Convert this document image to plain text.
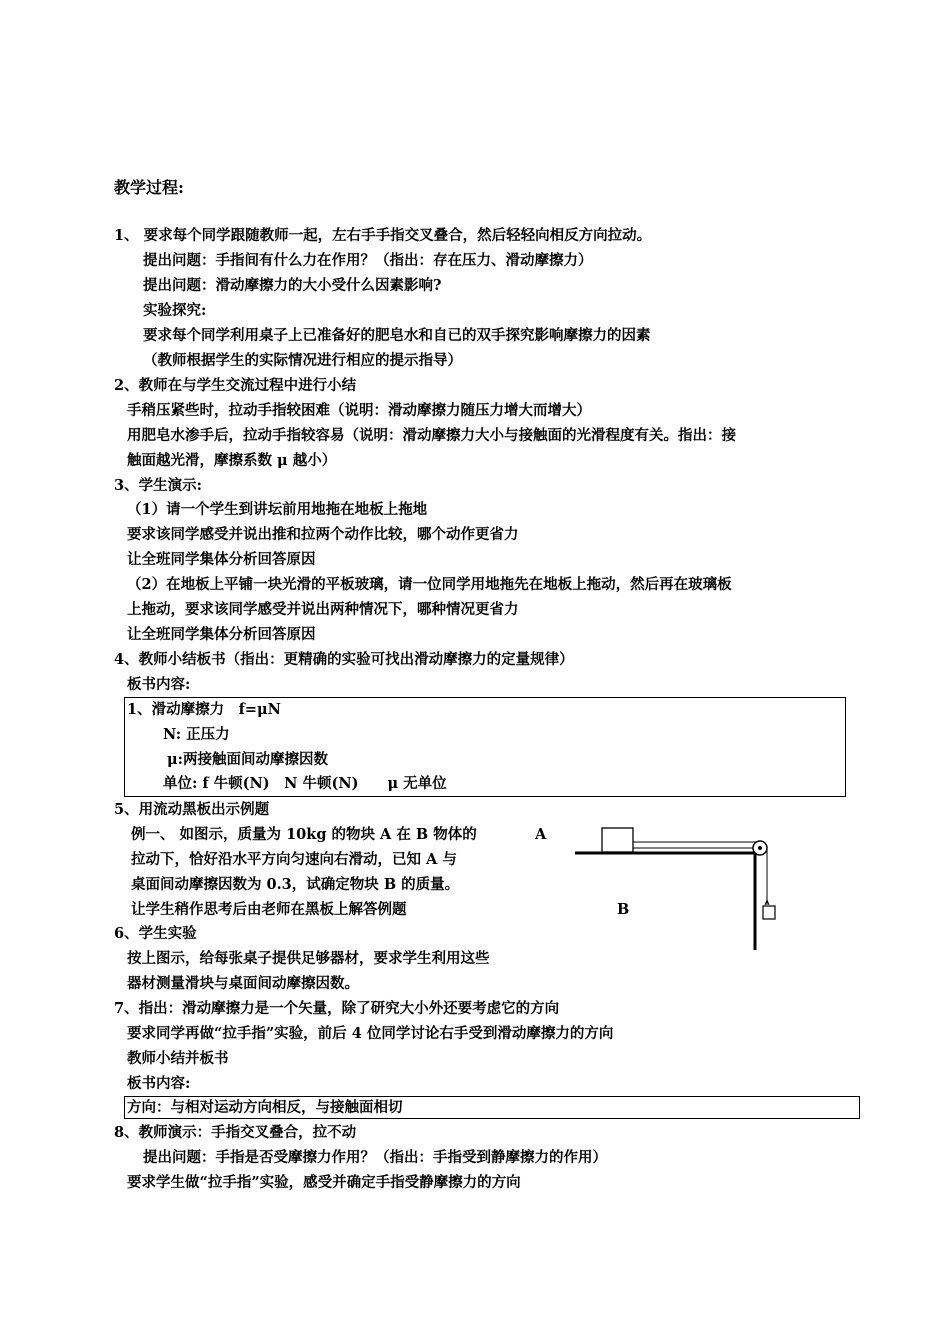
教学过程:
1、 要求每个同学跟随教师一起，左右手手指交叉叠合，然后轻轻向相反方向拉动。
提出问题：手指间有什么力在作用？（指出：存在压力、滑动摩擦力）
提出问题：滑动摩擦力的大小受什么因素影响?
实验探究:
要求每个同学利用桌子上已准备好的肥皂水和自已的双手探究影响摩擦力的因素
（教师根据学生的实际情况进行相应的提示指导）
2、教师在与学生交流过程中进行小结
手稍压紧些时，拉动手指较困难（说明：滑动摩擦力随压力增大而增大）
用肥皂水渗手后，拉动手指较容易（说明：滑动摩擦力大小与接触面的光滑程度有关。指出：接
触面越光滑，摩擦系数 μ 越小）
3、学生演示:
（1）请一个学生到讲坛前用地拖在地板上拖地
要求该同学感受并说出推和拉两个动作比较，哪个动作更省力
让全班同学集体分析回答原因
（2）在地板上平铺一块光滑的平板玻璃，请一位同学用地拖先在地板上拖动，然后再在玻璃板
上拖动，要求该同学感受并说出两种情况下，哪种情况更省力
让全班同学集体分析回答原因
4、教师小结板书（指出：更精确的实验可找出滑动摩擦力的定量规律）
板书内容:
1、滑动摩擦力　f=μN
N: 正压力
μ:两接触面间动摩擦因数
单位: f 牛顿(N)　N 牛顿(N)　　μ 无单位
5、用流动黑板出示例题
例一、 如图示，质量为 10kg 的物块 A 在 B 物体的
拉动下，恰好沿水平方向匀速向右滑动，已知 A 与
桌面间动摩擦因数为 0.3，试确定物块 B 的质量。
让学生稍作思考后由老师在黑板上解答例题
A
B
6、学生实验
按上图示，给每张桌子提供足够器材，要求学生利用这些
器材测量滑块与桌面间动摩擦因数。
7、指出：滑动摩擦力是一个矢量，除了研究大小外还要考虑它的方向
要求同学再做“拉手指”实验，前后 4 位同学讨论右手受到滑动摩擦力的方向
教师小结并板书
板书内容:
方向：与相对运动方向相反，与接触面相切
8、教师演示：手指交叉叠合，拉不动
提出问题：手指是否受摩擦力作用？（指出：手指受到静摩擦力的作用）
要求学生做“拉手指”实验，感受并确定手指受静摩擦力的方向
